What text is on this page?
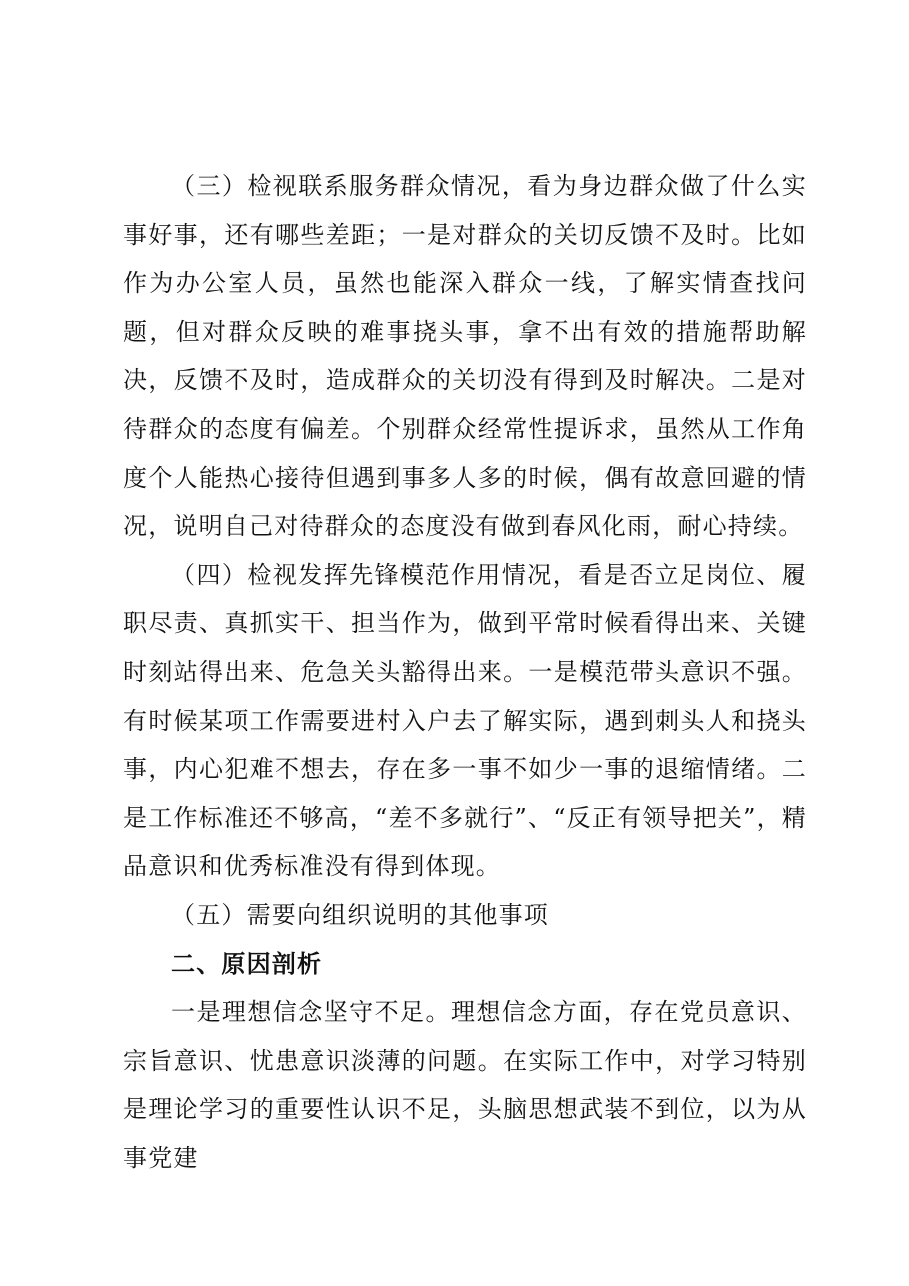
（三）检视联系服务群众情况，看为身边群众做了什么实事好事，还有哪些差距；一是对群众的关切反馈不及时。比如作为办公室人员，虽然也能深入群众一线，了解实情查找问题，但对群众反映的难事挠头事，拿不出有效的措施帮助解决，反馈不及时，造成群众的关切没有得到及时解决。二是对待群众的态度有偏差。个别群众经常性提诉求，虽然从工作角度个人能热心接待但遇到事多人多的时候，偶有故意回避的情况，说明自己对待群众的态度没有做到春风化雨，耐心持续。

（四）检视发挥先锋模范作用情况，看是否立足岗位、履职尽责、真抓实干、担当作为，做到平常时候看得出来、关键时刻站得出来、危急关头豁得出来。一是模范带头意识不强。有时候某项工作需要进村入户去了解实际，遇到刺头人和挠头事，内心犯难不想去，存在多一事不如少一事的退缩情绪。二是工作标准还不够高，“差不多就行”、“反正有领导把关”，精品意识和优秀标准没有得到体现。

（五）需要向组织说明的其他事项

二、原因剖析

一是理想信念坚守不足。理想信念方面，存在党员意识、宗旨意识、忧患意识淡薄的问题。在实际工作中，对学习特别是理论学习的重要性认识不足，头脑思想武装不到位，以为从事党建
